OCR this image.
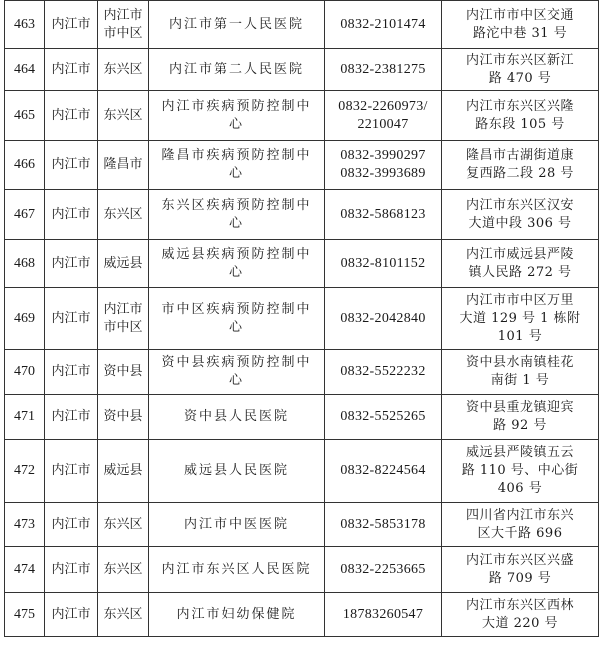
463	内江市	内江市
市中区	内江市第一人民医院	0832-2101474	内江市市中区交通
路沱中巷 31 号

464	内江市	东兴区	内江市第二人民医院	0832-2381275	内江市东兴区新江
路 470 号

465	内江市	东兴区	内江市疾病预防控制中
心	0832-2260973/
2210047	内江市东兴区兴隆
路东段 105 号

466	内江市	隆昌市	隆昌市疾病预防控制中
心	0832-3990297
0832-3993689	隆昌市古湖街道康
复西路二段 28 号

467	内江市	东兴区	东兴区疾病预防控制中
心	0832-5868123	内江市东兴区汉安
大道中段 306 号

468	内江市	威远县	威远县疾病预防控制中
心	0832-8101152	内江市威远县严陵
镇人民路 272 号

469	内江市	内江市
市中区	市中区疾病预防控制中
心	0832-2042840	内江市市中区万里
大道 129 号 1 栋附
101 号

470	内江市	资中县	资中县疾病预防控制中
心	0832-5522232	资中县水南镇桂花
南街 1 号

471	内江市	资中县	资中县人民医院	0832-5525265	资中县重龙镇迎宾
路 92 号

472	内江市	威远县	威远县人民医院	0832-8224564	威远县严陵镇五云
路 110 号、中心街
406 号

473	内江市	东兴区	内江市中医医院	0832-5853178	四川省内江市东兴
区大千路 696

474	内江市	东兴区	内江市东兴区人民医院	0832-2253665	内江市东兴区兴盛
路 709 号

475	内江市	东兴区	内江市妇幼保健院	18783260547	内江市东兴区西林
大道 220 号
